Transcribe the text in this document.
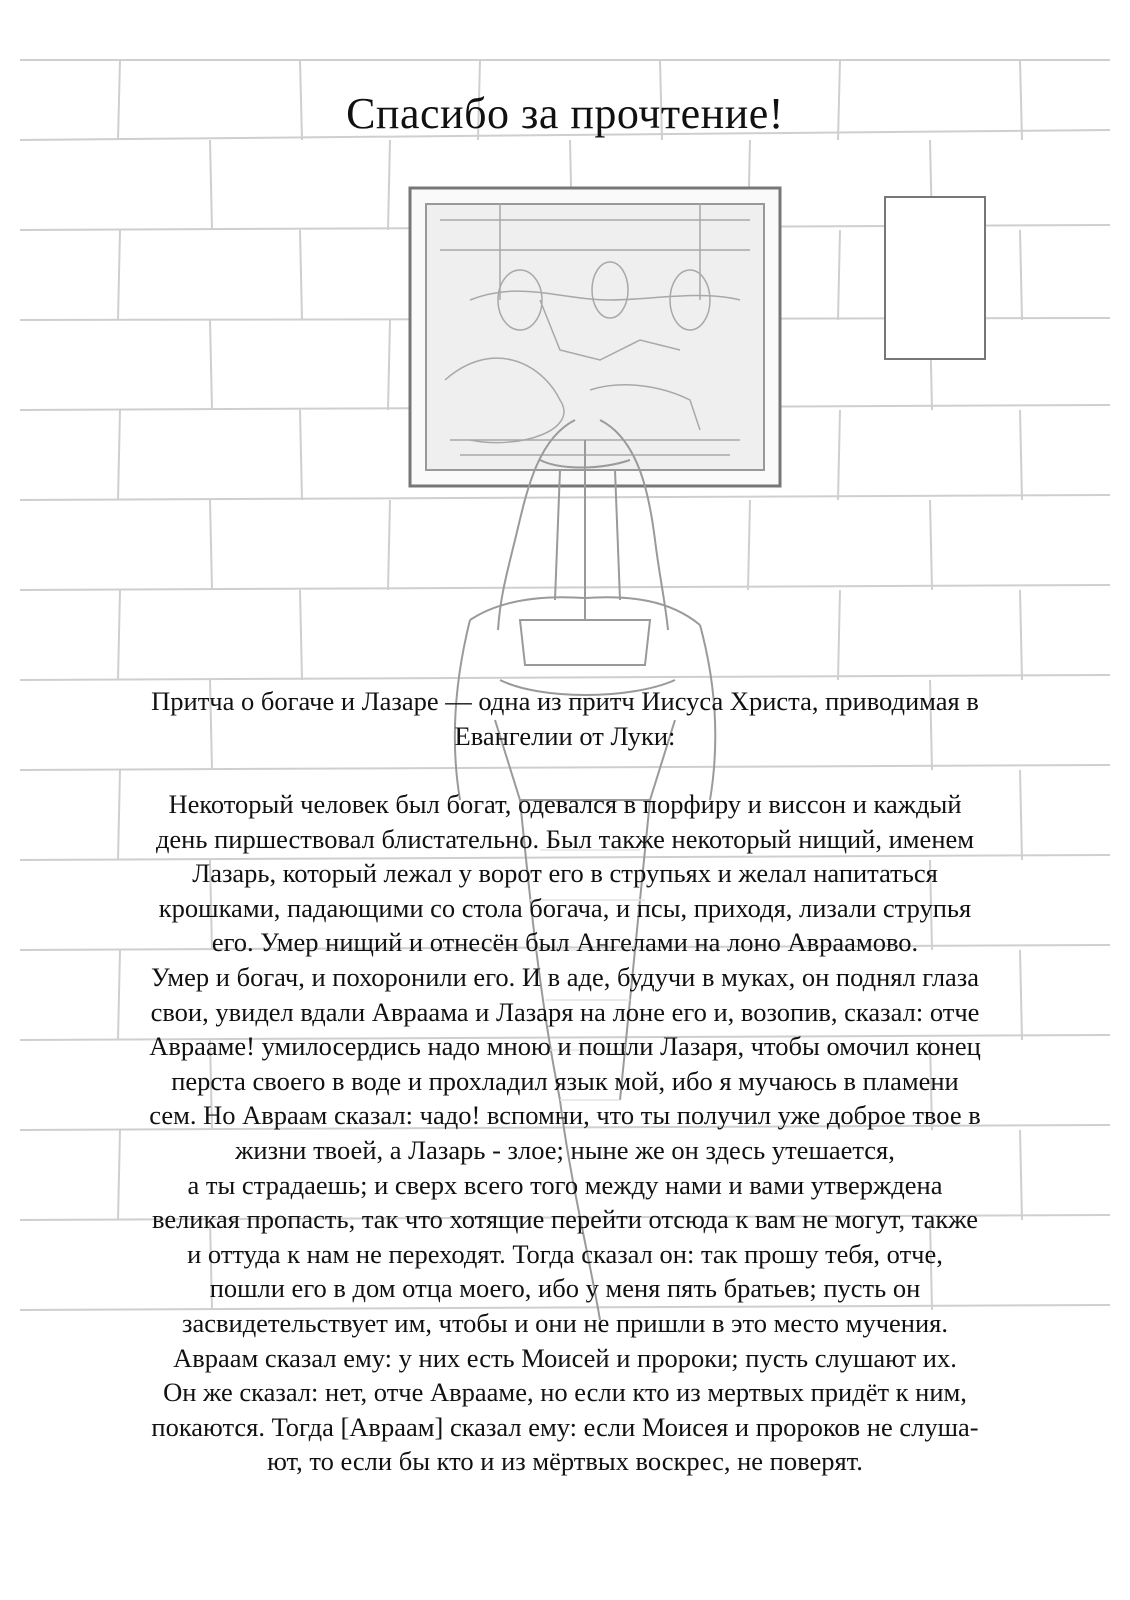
Спасибо за прочтение!
Притча о богаче и Лазаре — одна из притч Иисуса Христа, приводимая в
Евангелии от Луки:
Некоторый человек был богат, одевался в порфиру и виссон и каждый
день пиршествовал блистательно. Был также некоторый нищий, именем
Лазарь, который лежал у ворот его в струпьях и желал напитаться
крошками, падающими со стола богача, и псы, приходя, лизали струпья
его. Умер нищий и отнесён был Ангелами на лоно Авраамово.
Умер и богач, и похоронили его. И в аде, будучи в муках, он поднял глаза
свои, увидел вдали Авраама и Лазаря на лоне его и, возопив, сказал: отче
Аврааме! умилосердись надо мною и пошли Лазаря, чтобы омочил конец
перста своего в воде и прохладил язык мой, ибо я мучаюсь в пламени
сем. Но Авраам сказал: чадо! вспомни, что ты получил уже доброе твое в
жизни твоей, а Лазарь - злое; ныне же он здесь утешается,
а ты страдаешь; и сверх всего того между нами и вами утверждена
великая пропасть, так что хотящие перейти отсюда к вам не могут, также
и оттуда к нам не переходят. Тогда сказал он: так прошу тебя, отче,
пошли его в дом отца моего, ибо у меня пять братьев; пусть он
засвидетельствует им, чтобы и они не пришли в это место мучения.
Авраам сказал ему: у них есть Моисей и пророки; пусть слушают их.
Он же сказал: нет, отче Аврааме, но если кто из мертвых придёт к ним,
покаются. Тогда [Авраам] сказал ему: если Моисея и пророков не слуша-
ют, то если бы кто и из мёртвых воскрес, не поверят.
